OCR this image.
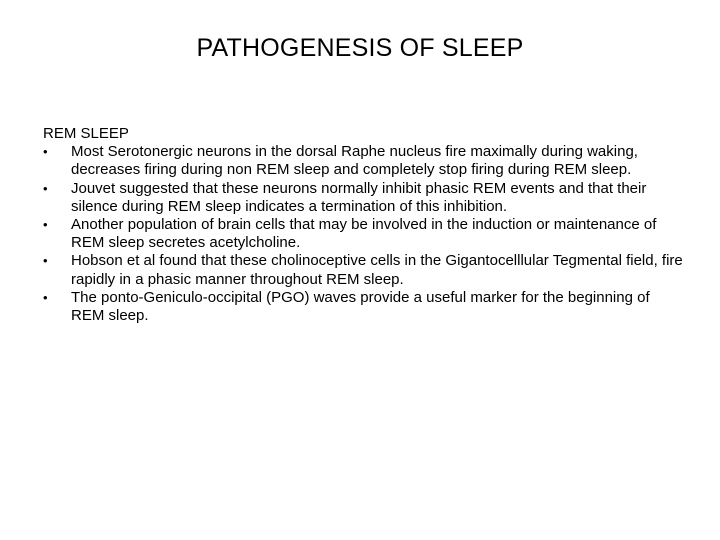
PATHOGENESIS OF SLEEP

REM SLEEP

•	Most Serotonergic neurons in the dorsal Raphe nucleus fire maximally during waking, decreases firing during non REM sleep and completely stop firing during REM sleep.
•	Jouvet suggested that these neurons normally inhibit phasic REM events and that their silence during REM sleep indicates a termination of this inhibition.
•	Another population of brain cells that may be involved in the induction or maintenance of REM sleep secretes acetylcholine.
•	Hobson et al found that these cholinoceptive cells in the Gigantocelllular Tegmental field, fire rapidly in a phasic manner throughout REM sleep.
•	The ponto-Geniculo-occipital (PGO) waves provide a useful marker for the beginning of REM sleep.
